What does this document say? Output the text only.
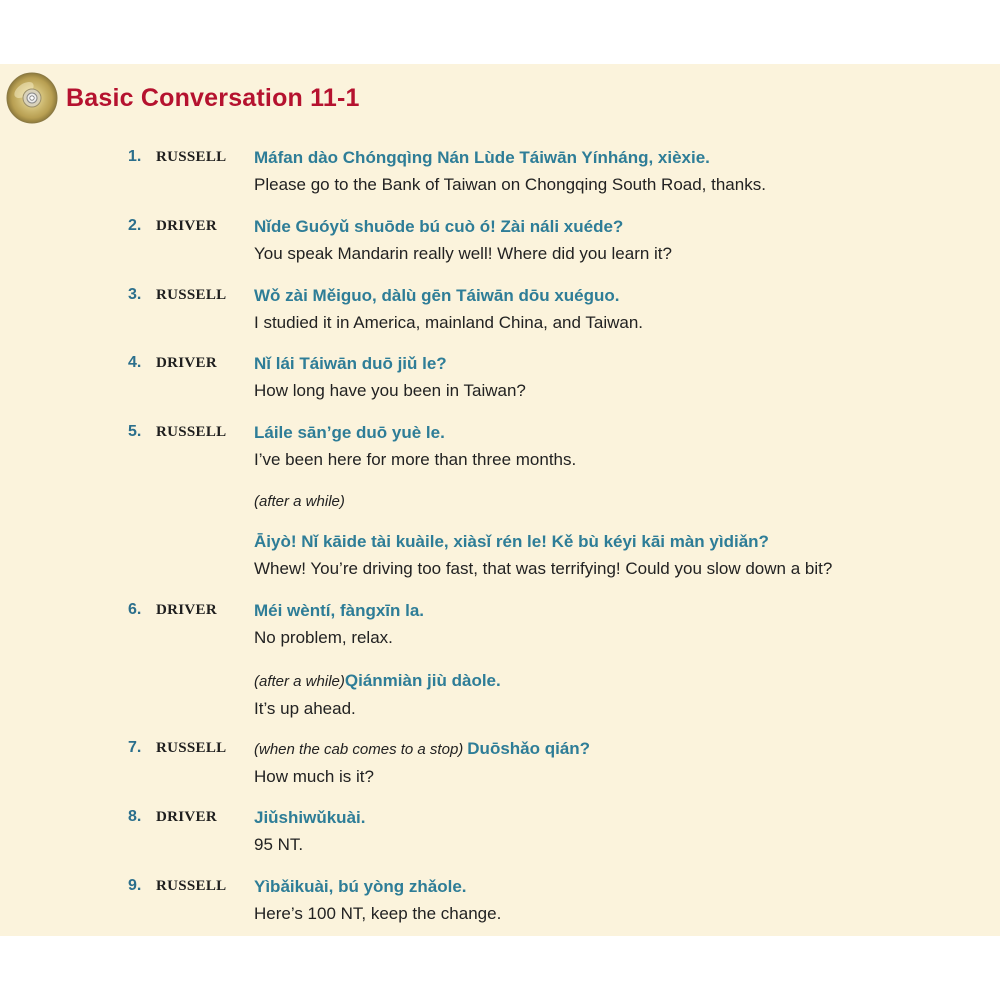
Basic Conversation 11-1
1. RUSSELL Máfan dào Chóngqìng Nán Lùde Táiwān Yínháng, xièxie.
Please go to the Bank of Taiwan on Chongqing South Road, thanks.
2. DRIVER Nǐde Guóyǔ shuōde bú cuò ó! Zài náli xuéde?
You speak Mandarin really well! Where did you learn it?
3. RUSSELL Wǒ zài Měiguo, dàlù gēn Táiwān dōu xuéguo.
I studied it in America, mainland China, and Taiwan.
4. DRIVER Nǐ lái Táiwān duō jiǔ le?
How long have you been in Taiwan?
5. RUSSELL Láile sān’ge duō yuè le.
I’ve been here for more than three months.
(after a while)
Āiyò! Nǐ kāide tài kuàile, xiàsǐ rén le! Kě bù kéyi kāi màn yìdiǎn?
Whew! You’re driving too fast, that was terrifying! Could you slow down a bit?
6. DRIVER Méi wèntí, fàngxīn la.
No problem, relax.
(after a while)Qiánmiàn jiù dàole.
It’s up ahead.
7. RUSSELL (when the cab comes to a stop) Duōshǎo qián?
How much is it?
8. DRIVER Jiǔshiwǔkuài.
95 NT.
9. RUSSELL Yìbǎikuài, bú yòng zhǎole.
Here’s 100 NT, keep the change.
